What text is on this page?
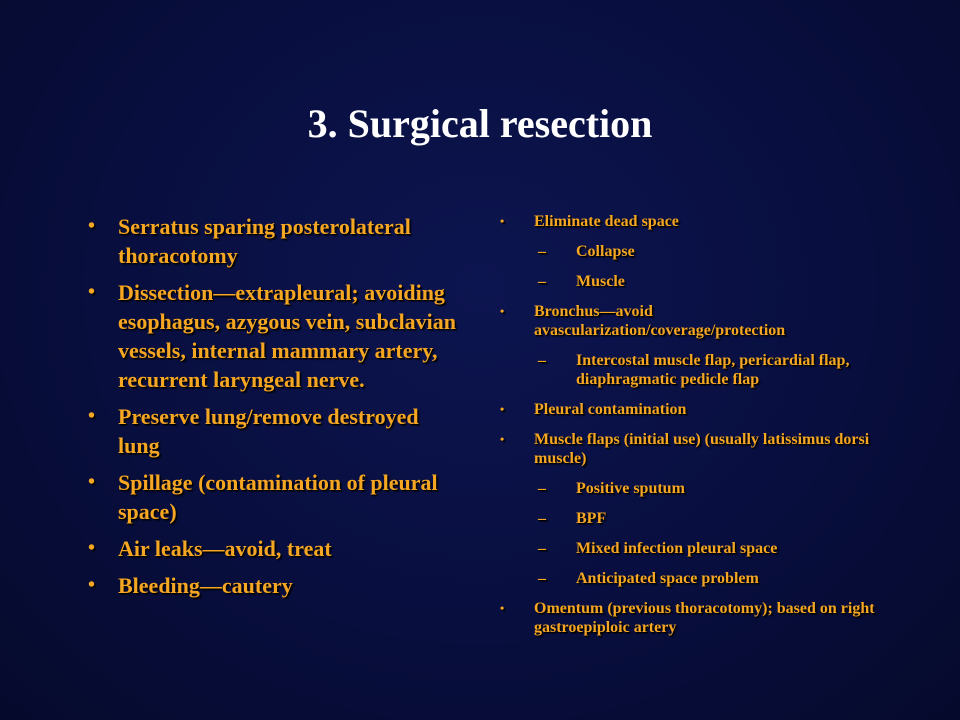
3. Surgical resection
•	Serratus sparing posterolateral thoracotomy
•	Dissection—extrapleural; avoiding esophagus, azygous vein, subclavian vessels, internal mammary artery, recurrent laryngeal nerve.
•	Preserve lung/remove destroyed lung
•	Spillage (contamination of pleural space)
•	Air leaks—avoid, treat
•	Bleeding—cautery
•	Eliminate dead space
–	Collapse
–	Muscle
•	Bronchus—avoid avascularization/coverage/protection
–	Intercostal muscle flap, pericardial flap, diaphragmatic pedicle flap
•	Pleural contamination
•	Muscle flaps (initial use) (usually latissimus dorsi muscle)
–	Positive sputum
–	BPF
–	Mixed infection pleural space
–	Anticipated space problem
•	Omentum (previous thoracotomy); based on right gastroepiploic artery
